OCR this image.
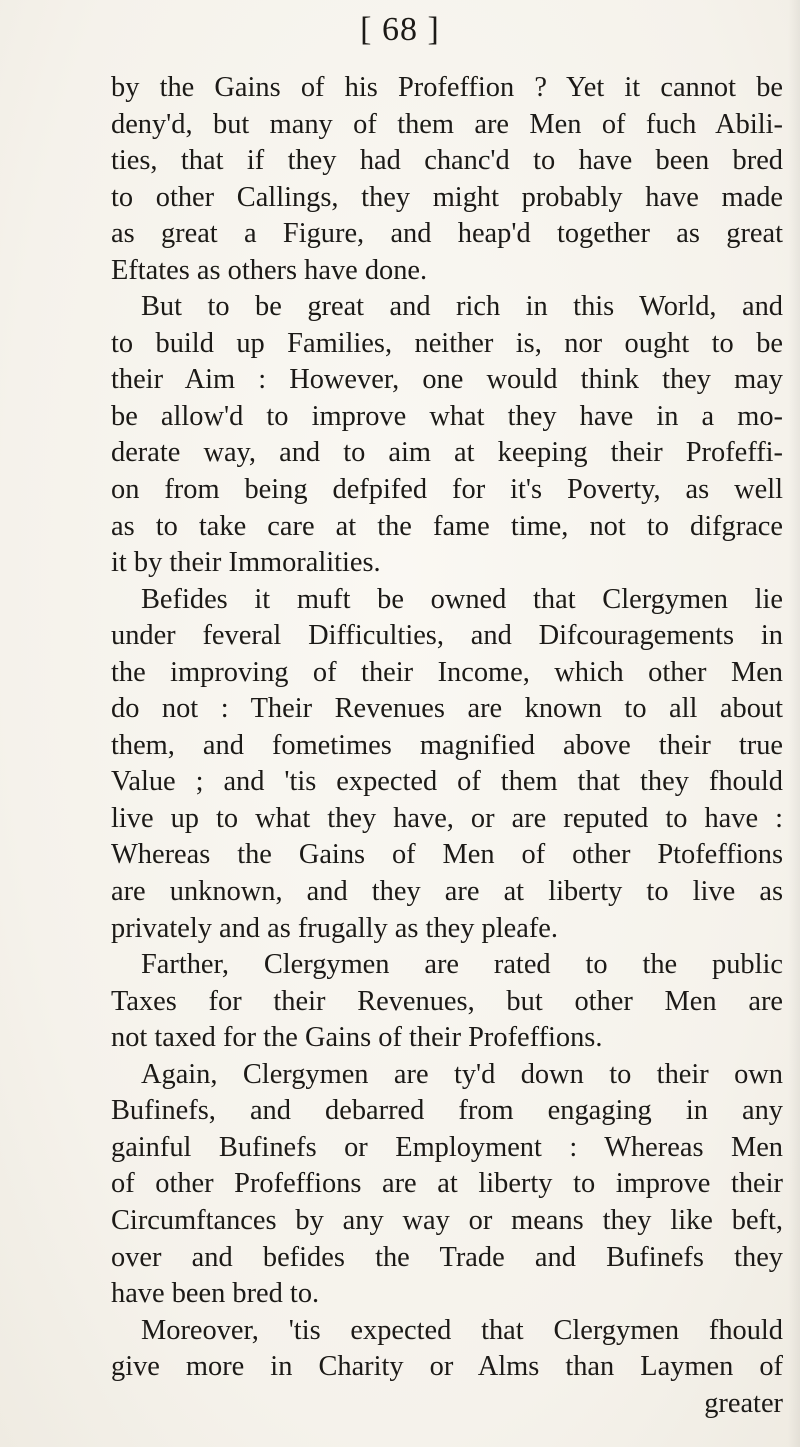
[ 68 ]
by the Gains of his Profeffion ? Yet it cannot be
deny'd, but many of them are Men of fuch Abili-
ties, that if they had chanc'd to have been bred
to other Callings, they might probably have made
as great a Figure, and heap'd together as great
Eftates as others have done.
But to be great and rich in this World, and
to build up Families, neither is, nor ought to be
their Aim : However, one would think they may
be allow'd to improve what they have in a mo-
derate way, and to aim at keeping their Profeffi-
on from being defpifed for it's Poverty, as well
as to take care at the fame time, not to difgrace
it by their Immoralities.
Befides it muft be owned that Clergymen lie
under feveral Difficulties, and Difcouragements in
the improving of their Income, which other Men
do not : Their Revenues are known to all about
them, and fometimes magnified above their true
Value ; and 'tis expected of them that they fhould
live up to what they have, or are reputed to have :
Whereas the Gains of Men of other Ptofeffions
are unknown, and they are at liberty to live as
privately and as frugally as they pleafe.
Farther, Clergymen are rated to the public
Taxes for their Revenues, but other Men are
not taxed for the Gains of their Profeffions.
Again, Clergymen are ty'd down to their own
Bufinefs, and debarred from engaging in any
gainful Bufinefs or Employment : Whereas Men
of other Profeffions are at liberty to improve their
Circumftances by any way or means they like beft,
over and befides the Trade and Bufinefs they
have been bred to.
Moreover, 'tis expected that Clergymen fhould
give more in Charity or Alms than Laymen of
greater
